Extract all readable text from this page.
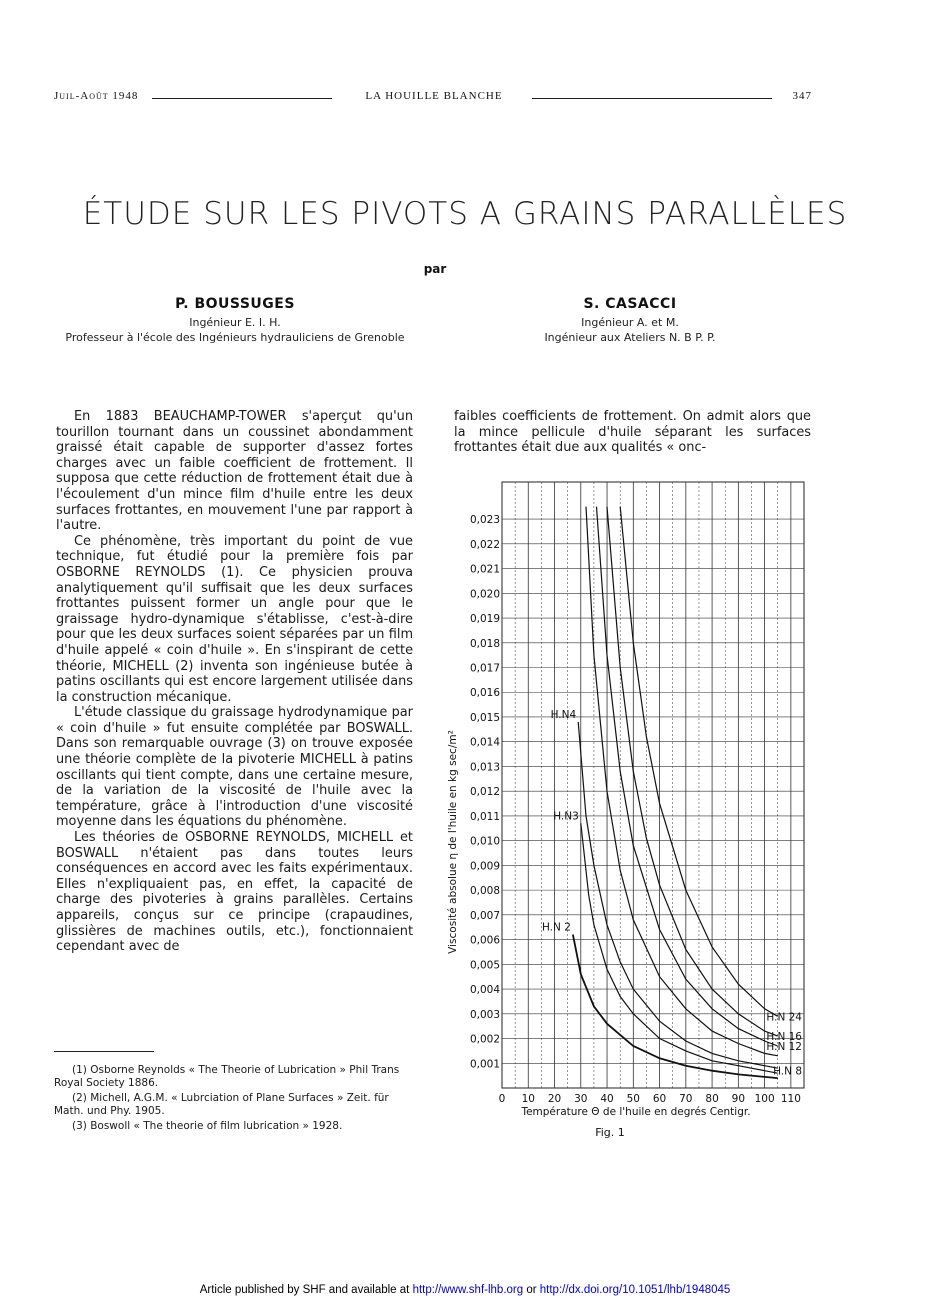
Juil-Août 1948	LA HOUILLE BLANCHE	347
ÉTUDE SUR LES PIVOTS A GRAINS PARALLÈLES
par
P. BOUSSUGES
Ingénieur E. I. H.
Professeur à l'école des Ingénieurs hydrauliciens de Grenoble
S. CASACCI
Ingénieur A. et M.
Ingénieur aux Ateliers N. B P. P.

En 1883 BEAUCHAMP-TOWER s'aperçut qu'un tourillon tournant dans un coussinet abondamment graissé était capable de supporter d'assez fortes charges avec un faible coefficient de frottement. Il supposa que cette réduction de frottement était due à l'écoulement d'un mince film d'huile entre les deux surfaces frottantes, en mouvement l'une par rapport à l'autre.

Ce phénomène, très important du point de vue technique, fut étudié pour la première fois par OSBORNE REYNOLDS (1). Ce physicien prouva analytiquement qu'il suffisait que les deux surfaces frottantes puissent former un angle pour que le graissage hydro-dynamique s'établisse, c'est-à-dire pour que les deux surfaces soient séparées par un film d'huile appelé « coin d'huile ». En s'inspirant de cette théorie, MICHELL (2) inventa son ingénieuse butée à patins oscillants qui est encore largement utilisée dans la construction mécanique.

L'étude classique du graissage hydrodynamique par « coin d'huile » fut ensuite complétée par BOSWALL. Dans son remarquable ouvrage (3) on trouve exposée une théorie complète de la pivoterie MICHELL à patins oscillants qui tient compte, dans une certaine mesure, de la variation de la viscosité de l'huile avec la température, grâce à l'introduction d'une viscosité moyenne dans les équations du phénomène.

Les théories de OSBORNE REYNOLDS, MICHELL et BOSWALL n'étaient pas dans toutes leurs conséquences en accord avec les faits expérimentaux. Elles n'expliquaient pas, en effet, la capacité de charge des pivoteries à grains parallèles. Certains appareils, conçus sur ce principe (crapaudines, glissières de machines outils, etc.), fonctionnaient cependant avec de

faibles coefficients de frottement. On admit alors que la mince pellicule d'huile séparant les surfaces frottantes était due aux qualités « onc-

(1) Osborne Reynolds « The Theorie of Lubrication » Phil Trans Royal Society 1886.

(2) Michell, A.G.M. « Lubrciation of Plane Surfaces » Zeit. für Math. und Phy. 1905.

(3) Boswoll « The theorie of film lubrication » 1928.

0,001
0,002
0,003
0,004
0,005
0,006
0,007
0,008
0,009
0,010
0,011
0,012
0,013
0,014
0,015
0,016
0,017
0,018
0,019
0,020
0,021
0,022
0,023
0 10 20 30 40 50 60 70 80 90 100 110
H.N 2
H.N3
H.N4
H.N 8
H.N 12
H.N 16
H.N 24
Viscosité absolue η de l'huile en kg sec/m²
Température Θ de l'huile en degrés Centigr.
Fig. 1
Article published by SHF and available at http://www.shf-lhb.org or http://dx.doi.org/10.1051/lhb/1948045
